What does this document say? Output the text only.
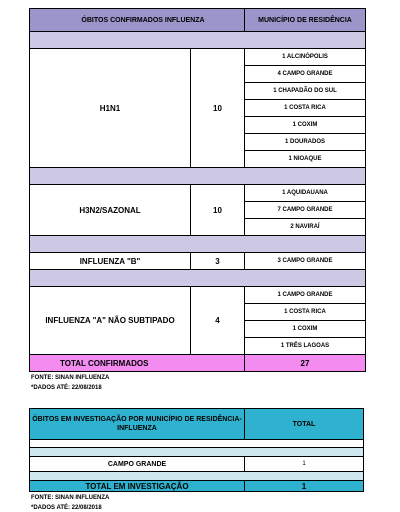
ÓBITOS CONFIRMADOS INFLUENZA		MUNICÍPIO DE RESIDÊNCIA

H1N1	10	1 ALCINÓPOLIS
		4 CAMPO GRANDE
		1 CHAPADÃO DO SUL
		1 COSTA RICA
		1 COXIM
		1 DOURADOS
		1 NIOAQUE

H3N2/SAZONAL	10	1 AQUIDAUANA
		7 CAMPO GRANDE
		2 NAVIRAÍ

INFLUENZA "B"	3	3 CAMPO GRANDE

INFLUENZA "A" NÃO SUBTIPADO	4	1 CAMPO GRANDE
		1 COSTA RICA
		1 COXIM
		1 TRÊS LAGOAS
TOTAL CONFIRMADOS		27
FONTE: SINAN INFLUENZA
*DADOS ATÉ: 22/08/2018
ÓBITOS EM INVESTIGAÇÃO POR MUNICÍPIO DE RESIDÊNCIA- INFLUENZA	TOTAL

CAMPO GRANDE	1

TOTAL EM INVESTIGAÇÃO	1
FONTE: SINAN INFLUENZA
*DADOS ATÉ: 22/08/2018
